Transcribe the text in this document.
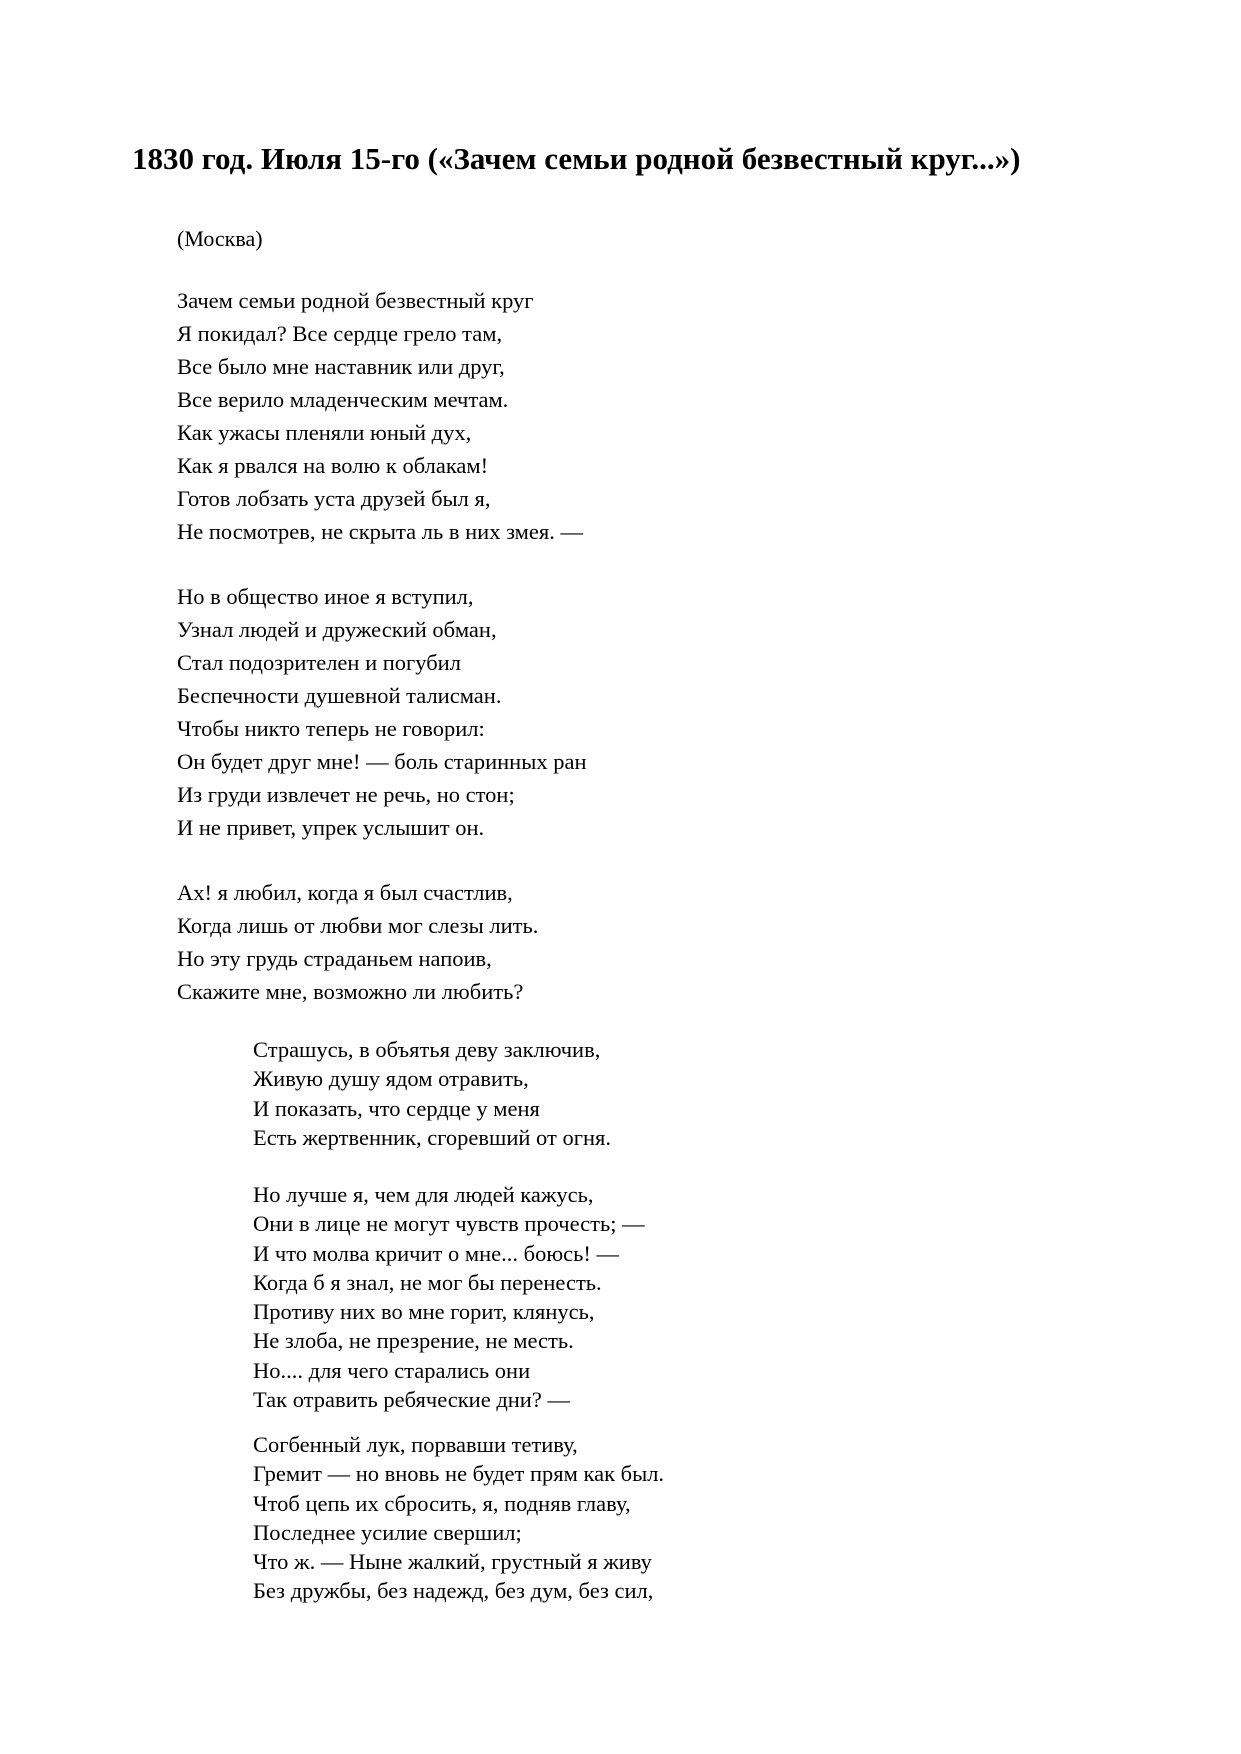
1830 год. Июля 15-го («Зачем семьи родной безвестный круг...»)
(Москва)
Зачем семьи родной безвестный круг
Я покидал? Все сердце грело там,
Все было мне наставник или друг,
Все верило младенческим мечтам.
Как ужасы пленяли юный дух,
Как я рвался на волю к облакам!
Готов лобзать уста друзей был я,
Не посмотрев, не скрыта ль в них змея. —
Но в общество иное я вступил,
Узнал людей и дружеский обман,
Стал подозрителен и погубил
Беспечности душевной талисман.
Чтобы никто теперь не говорил:
Он будет друг мне! — боль старинных ран
Из груди извлечет не речь, но стон;
И не привет, упрек услышит он.
Ах! я любил, когда я был счастлив,
Когда лишь от любви мог слезы лить.
Но эту грудь страданьем напоив,
Скажите мне, возможно ли любить?
Страшусь, в объятья деву заключив,
Живую душу ядом отравить,
И показать, что сердце у меня
Есть жертвенник, сгоревший от огня.
Но лучше я, чем для людей кажусь,
Они в лице не могут чувств прочесть; —
И что молва кричит о мне... боюсь! —
Когда б я знал, не мог бы перенесть.
Противу них во мне горит, клянусь,
Не злоба, не презрение, не месть.
Но.... для чего старались они
Так отравить ребяческие дни? —
Согбенный лук, порвавши тетиву,
Гремит — но вновь не будет прям как был.
Чтоб цепь их сбросить, я, подняв главу,
Последнее усилие свершил;
Что ж. — Ныне жалкий, грустный я живу
Без дружбы, без надежд, без дум, без сил,
